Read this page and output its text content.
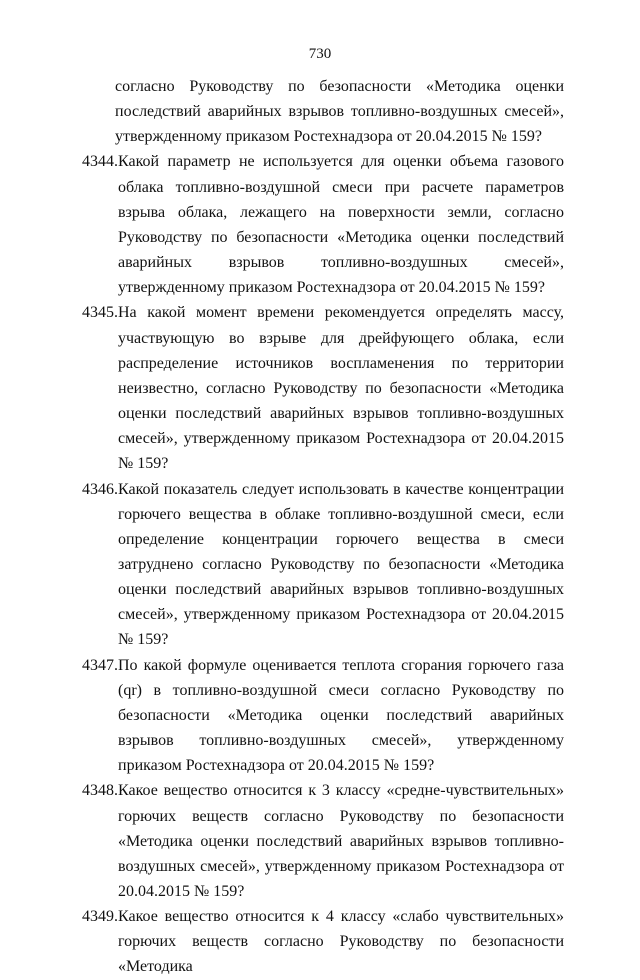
730
согласно Руководству по безопасности «Методика оценки последствий аварийных взрывов топливно-воздушных смесей», утвержденному приказом Ростехнадзора от 20.04.2015 № 159?
4344. Какой параметр не используется для оценки объема газового облака топливно-воздушной смеси при расчете параметров взрыва облака, лежащего на поверхности земли, согласно Руководству по безопасности «Методика оценки последствий аварийных взрывов топливно-воздушных смесей», утвержденному приказом Ростехнадзора от 20.04.2015 № 159?
4345. На какой момент времени рекомендуется определять массу, участвующую во взрыве для дрейфующего облака, если распределение источников воспламенения по территории неизвестно, согласно Руководству по безопасности «Методика оценки последствий аварийных взрывов топливно-воздушных смесей», утвержденному приказом Ростехнадзора от 20.04.2015 № 159?
4346. Какой показатель следует использовать в качестве концентрации горючего вещества в облаке топливно-воздушной смеси, если определение концентрации горючего вещества в смеси затруднено согласно Руководству по безопасности «Методика оценки последствий аварийных взрывов топливно-воздушных смесей», утвержденному приказом Ростехнадзора от 20.04.2015 № 159?
4347. По какой формуле оценивается теплота сгорания горючего газа (qr) в топливно-воздушной смеси согласно Руководству по безопасности «Методика оценки последствий аварийных взрывов топливно-воздушных смесей», утвержденному приказом Ростехнадзора от 20.04.2015 № 159?
4348. Какое вещество относится к 3 классу «средне-чувствительных» горючих веществ согласно Руководству по безопасности «Методика оценки последствий аварийных взрывов топливно-воздушных смесей», утвержденному приказом Ростехнадзора от 20.04.2015 № 159?
4349. Какое вещество относится к 4 классу «слабо чувствительных» горючих веществ согласно Руководству по безопасности «Методика
